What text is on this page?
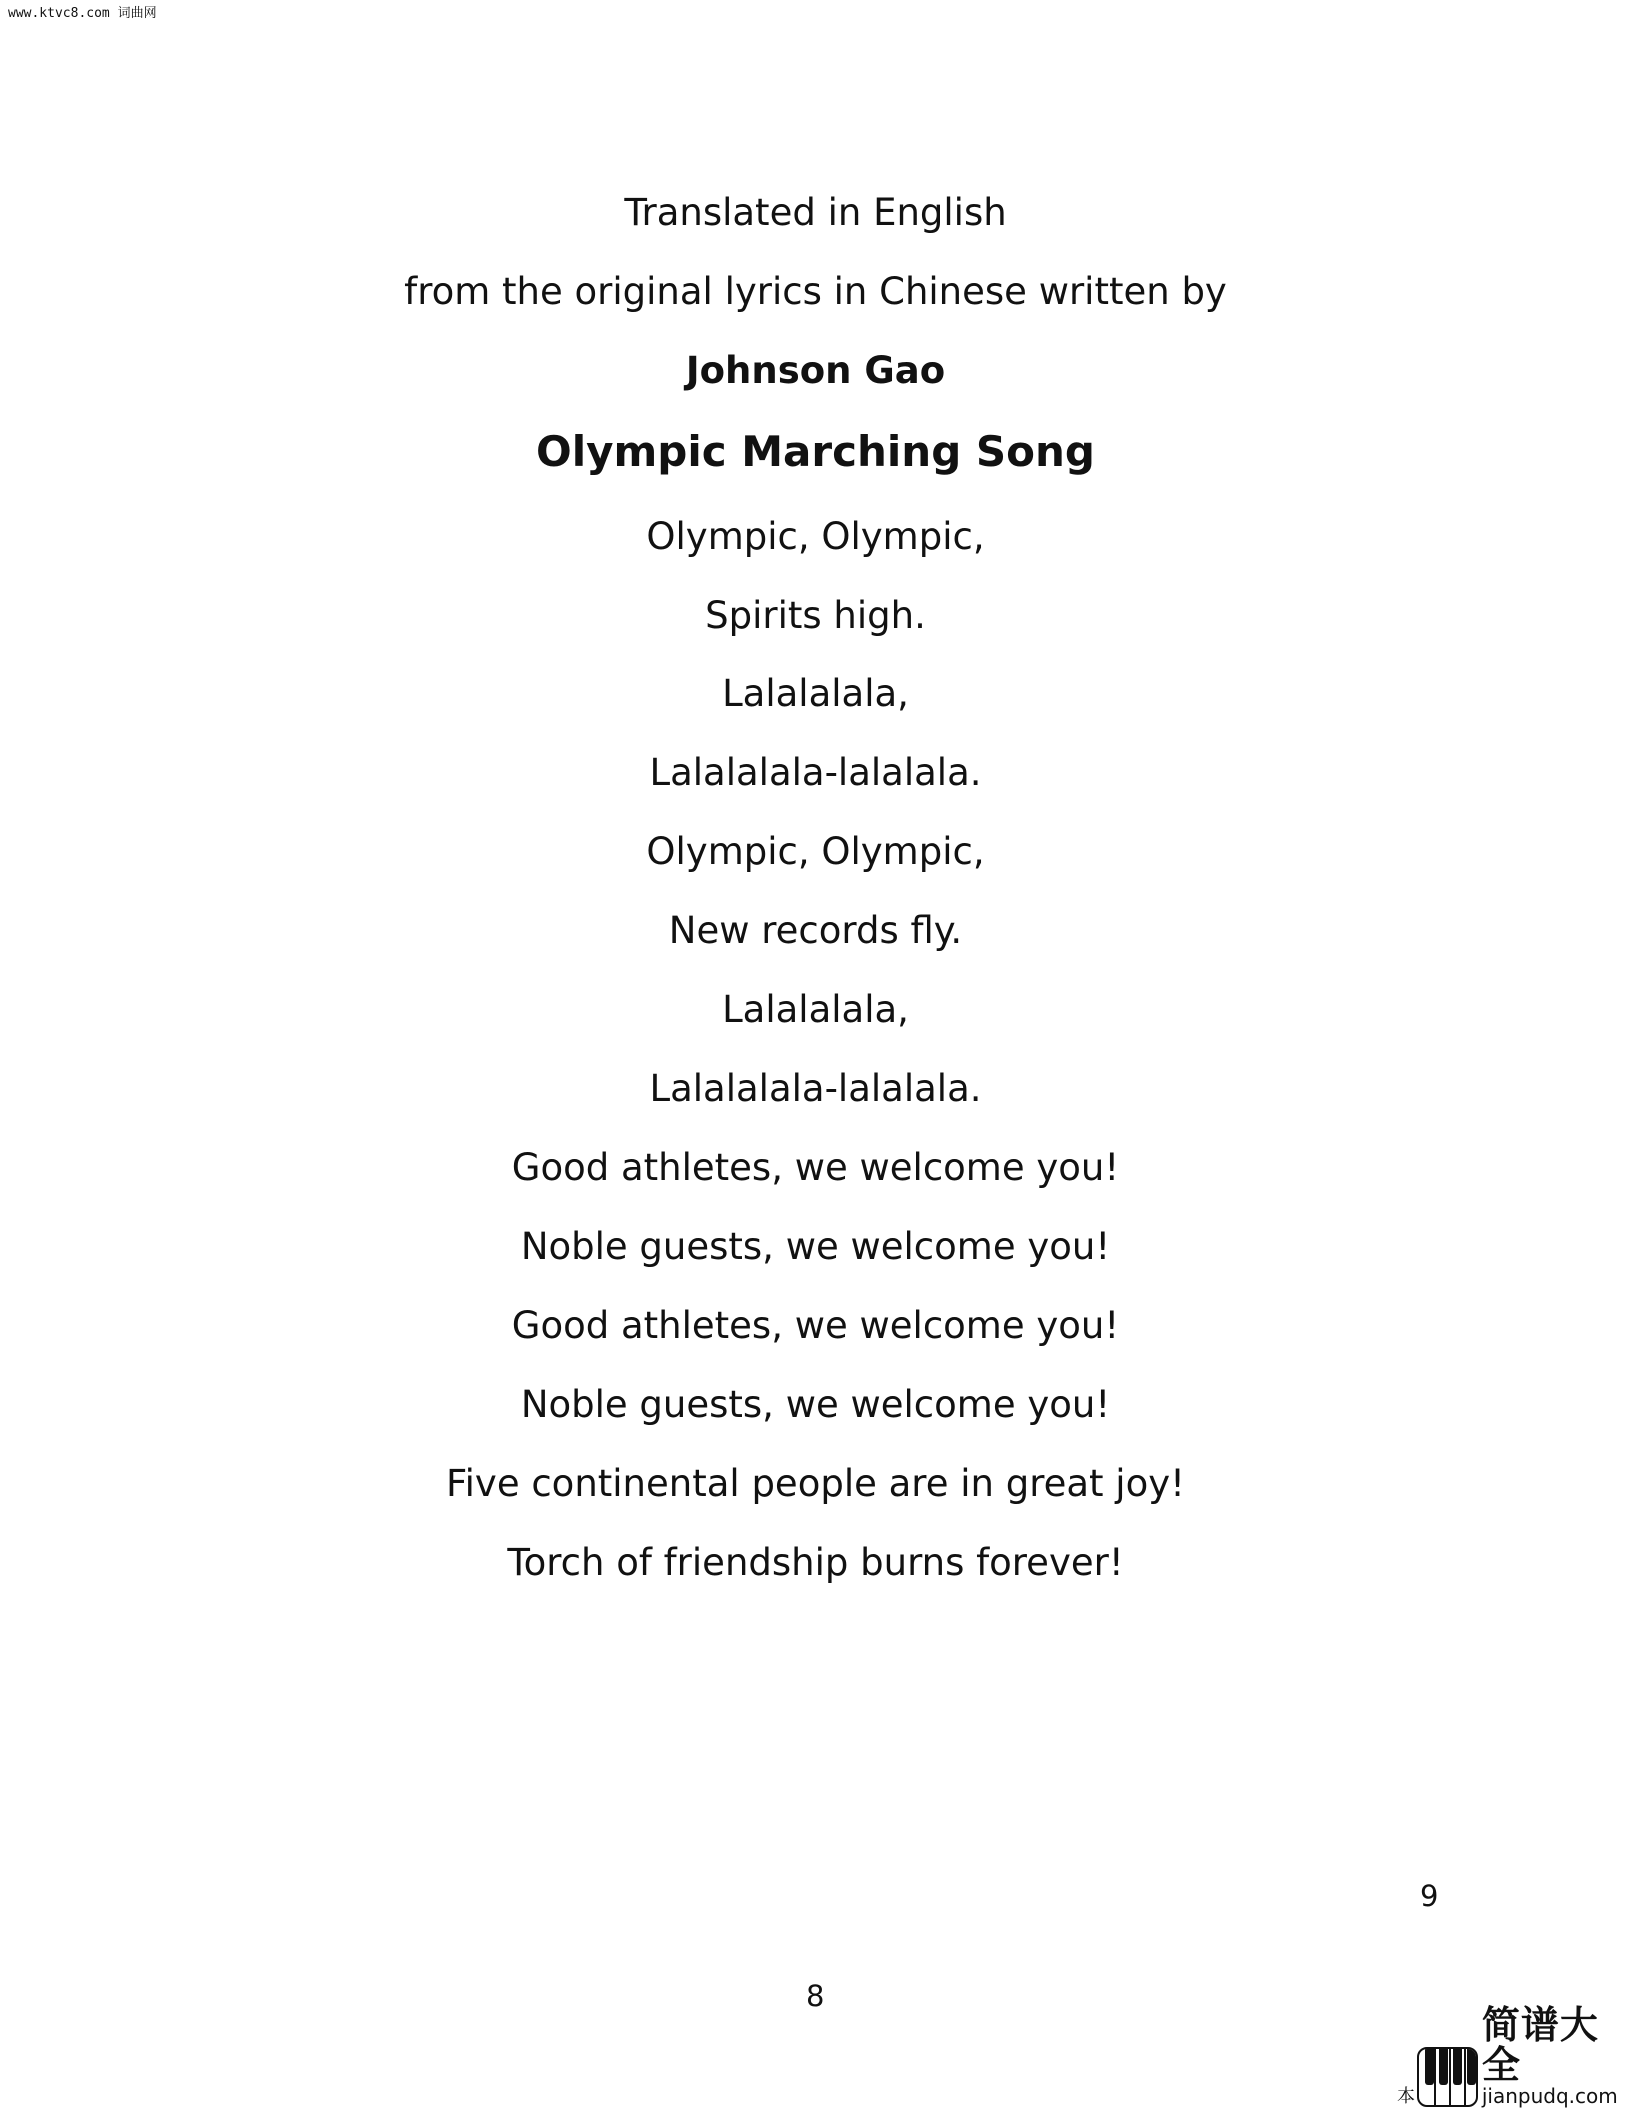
www.ktvc8.com 词曲网
Translated in English
from the original lyrics in Chinese written by
Johnson Gao
Olympic Marching Song
Olympic, Olympic,
Spirits high.
Lalalalala,
Lalalalala-lalalala.
Olympic, Olympic,
New records fly.
Lalalalala,
Lalalalala-lalalala.
Good athletes, we welcome you!
Noble guests, we welcome you!
Good athletes, we welcome you!
Noble guests, we welcome you!
Five continental people are in great joy!
Torch of friendship burns forever!
9
8
本
简谱大全
jianpudq.com
